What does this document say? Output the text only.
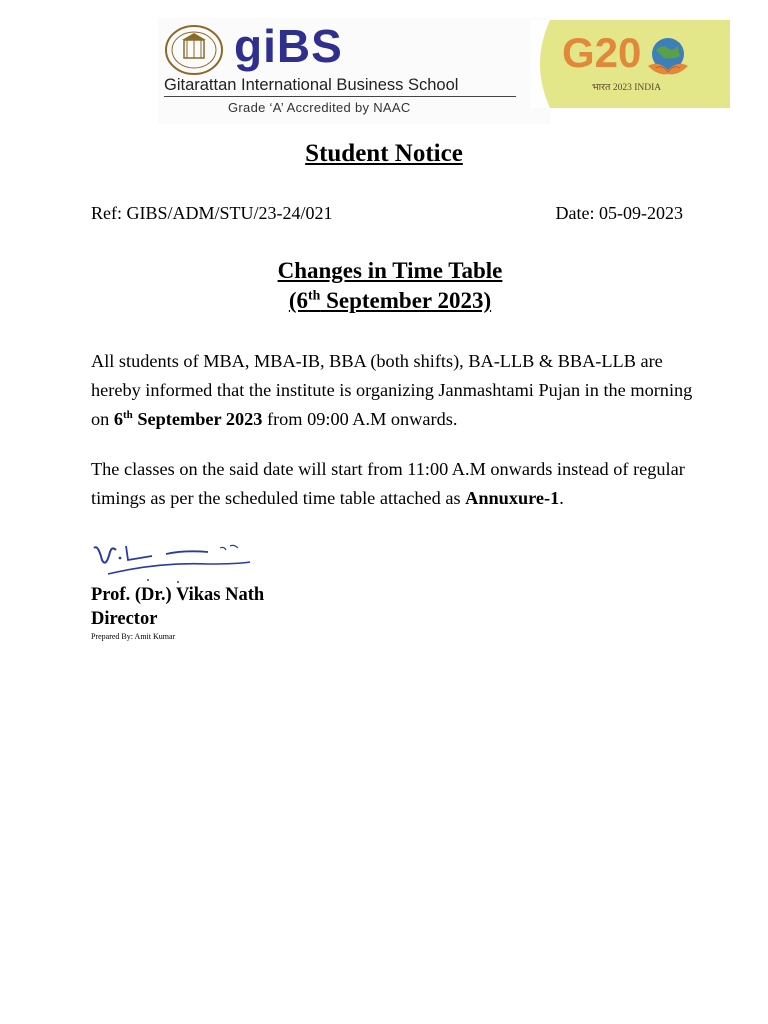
giBS
Gitarattan International Business School
Grade ‘A’ Accredited by NAAC
G20
भारत 2023 INDIA
Student Notice
Ref: GIBS/ADM/STU/23-24/021	Date: 05-09-2023
Changes in Time Table
(6th September 2023)
All students of MBA, MBA-IB, BBA (both shifts), BA-LLB & BBA-LLB are hereby informed that the institute is organizing Janmashtami Pujan in the morning on 6th September 2023 from 09:00 A.M onwards.
The classes on the said date will start from 11:00 A.M onwards instead of regular timings as per the scheduled time table attached as Annuxure-1.
Prof. (Dr.) Vikas Nath
Director
Prepared By: Amit Kumar
